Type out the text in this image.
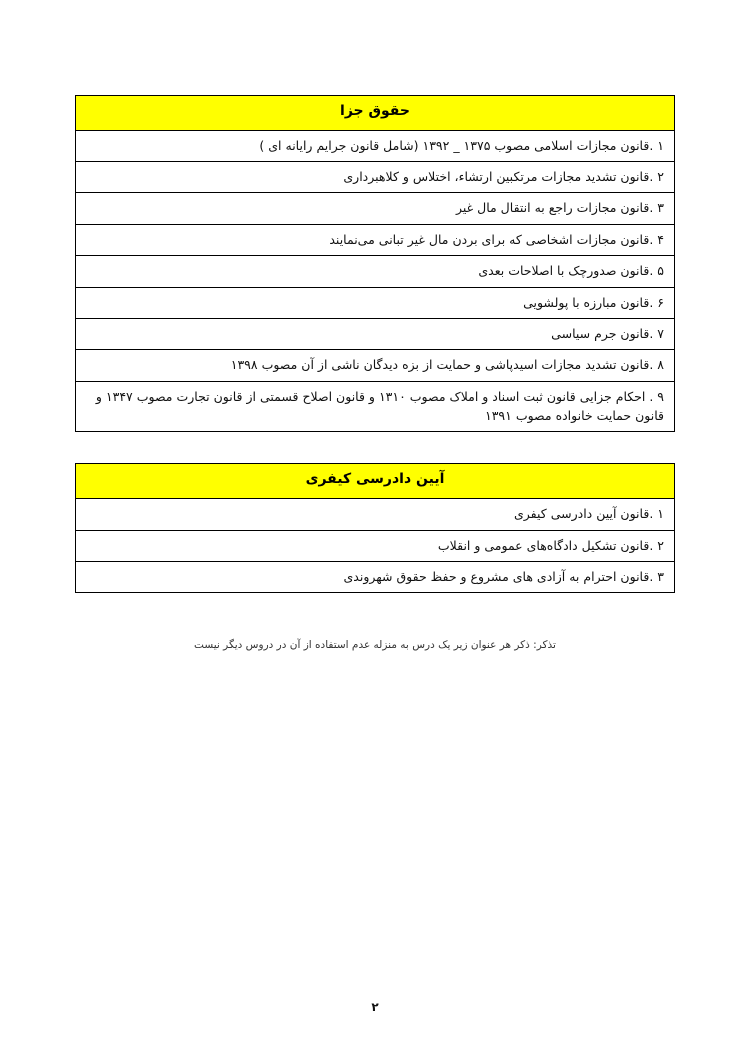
حقوق جزا
۱ .قانون مجازات اسلامی مصوب ۱۳۷۵ _ ۱۳۹۲ (شامل قانون جرایم رایانه ای )
۲ .قانون تشدید مجازات مرتکبین ارتشاء، اختلاس و کلاهبرداری
۳ .قانون مجازات راجع به انتقال مال غیر
۴ .قانون مجازات اشخاصی که برای بردن مال غیر تبانی می‌نمایند
۵ .قانون صدورچک با اصلاحات بعدی
۶ .قانون مبارزه با پولشویی
۷ .قانون جرم سیاسی
۸ .قانون تشدید مجازات اسیدپاشی و حمایت از بزه دیدگان ناشی از آن مصوب ۱۳۹۸
۹ . احکام جزایی قانون ثبت اسناد و املاک مصوب ۱۳۱۰ و قانون اصلاح قسمتی از قانون تجارت مصوب ۱۳۴۷ و قانون حمایت خانواده مصوب ۱۳۹۱
آیین دادرسی کیفری
۱ .قانون آیین دادرسی کیفری
۲ .قانون تشکیل دادگاه‌های عمومی و انقلاب
۳ .قانون احترام به آزادی های مشروع و حفظ حقوق شهروندی
تذکر: ذکر هر عنوان زیر یک درس به منزله عدم استفاده از آن در دروس دیگر نیست
۲
